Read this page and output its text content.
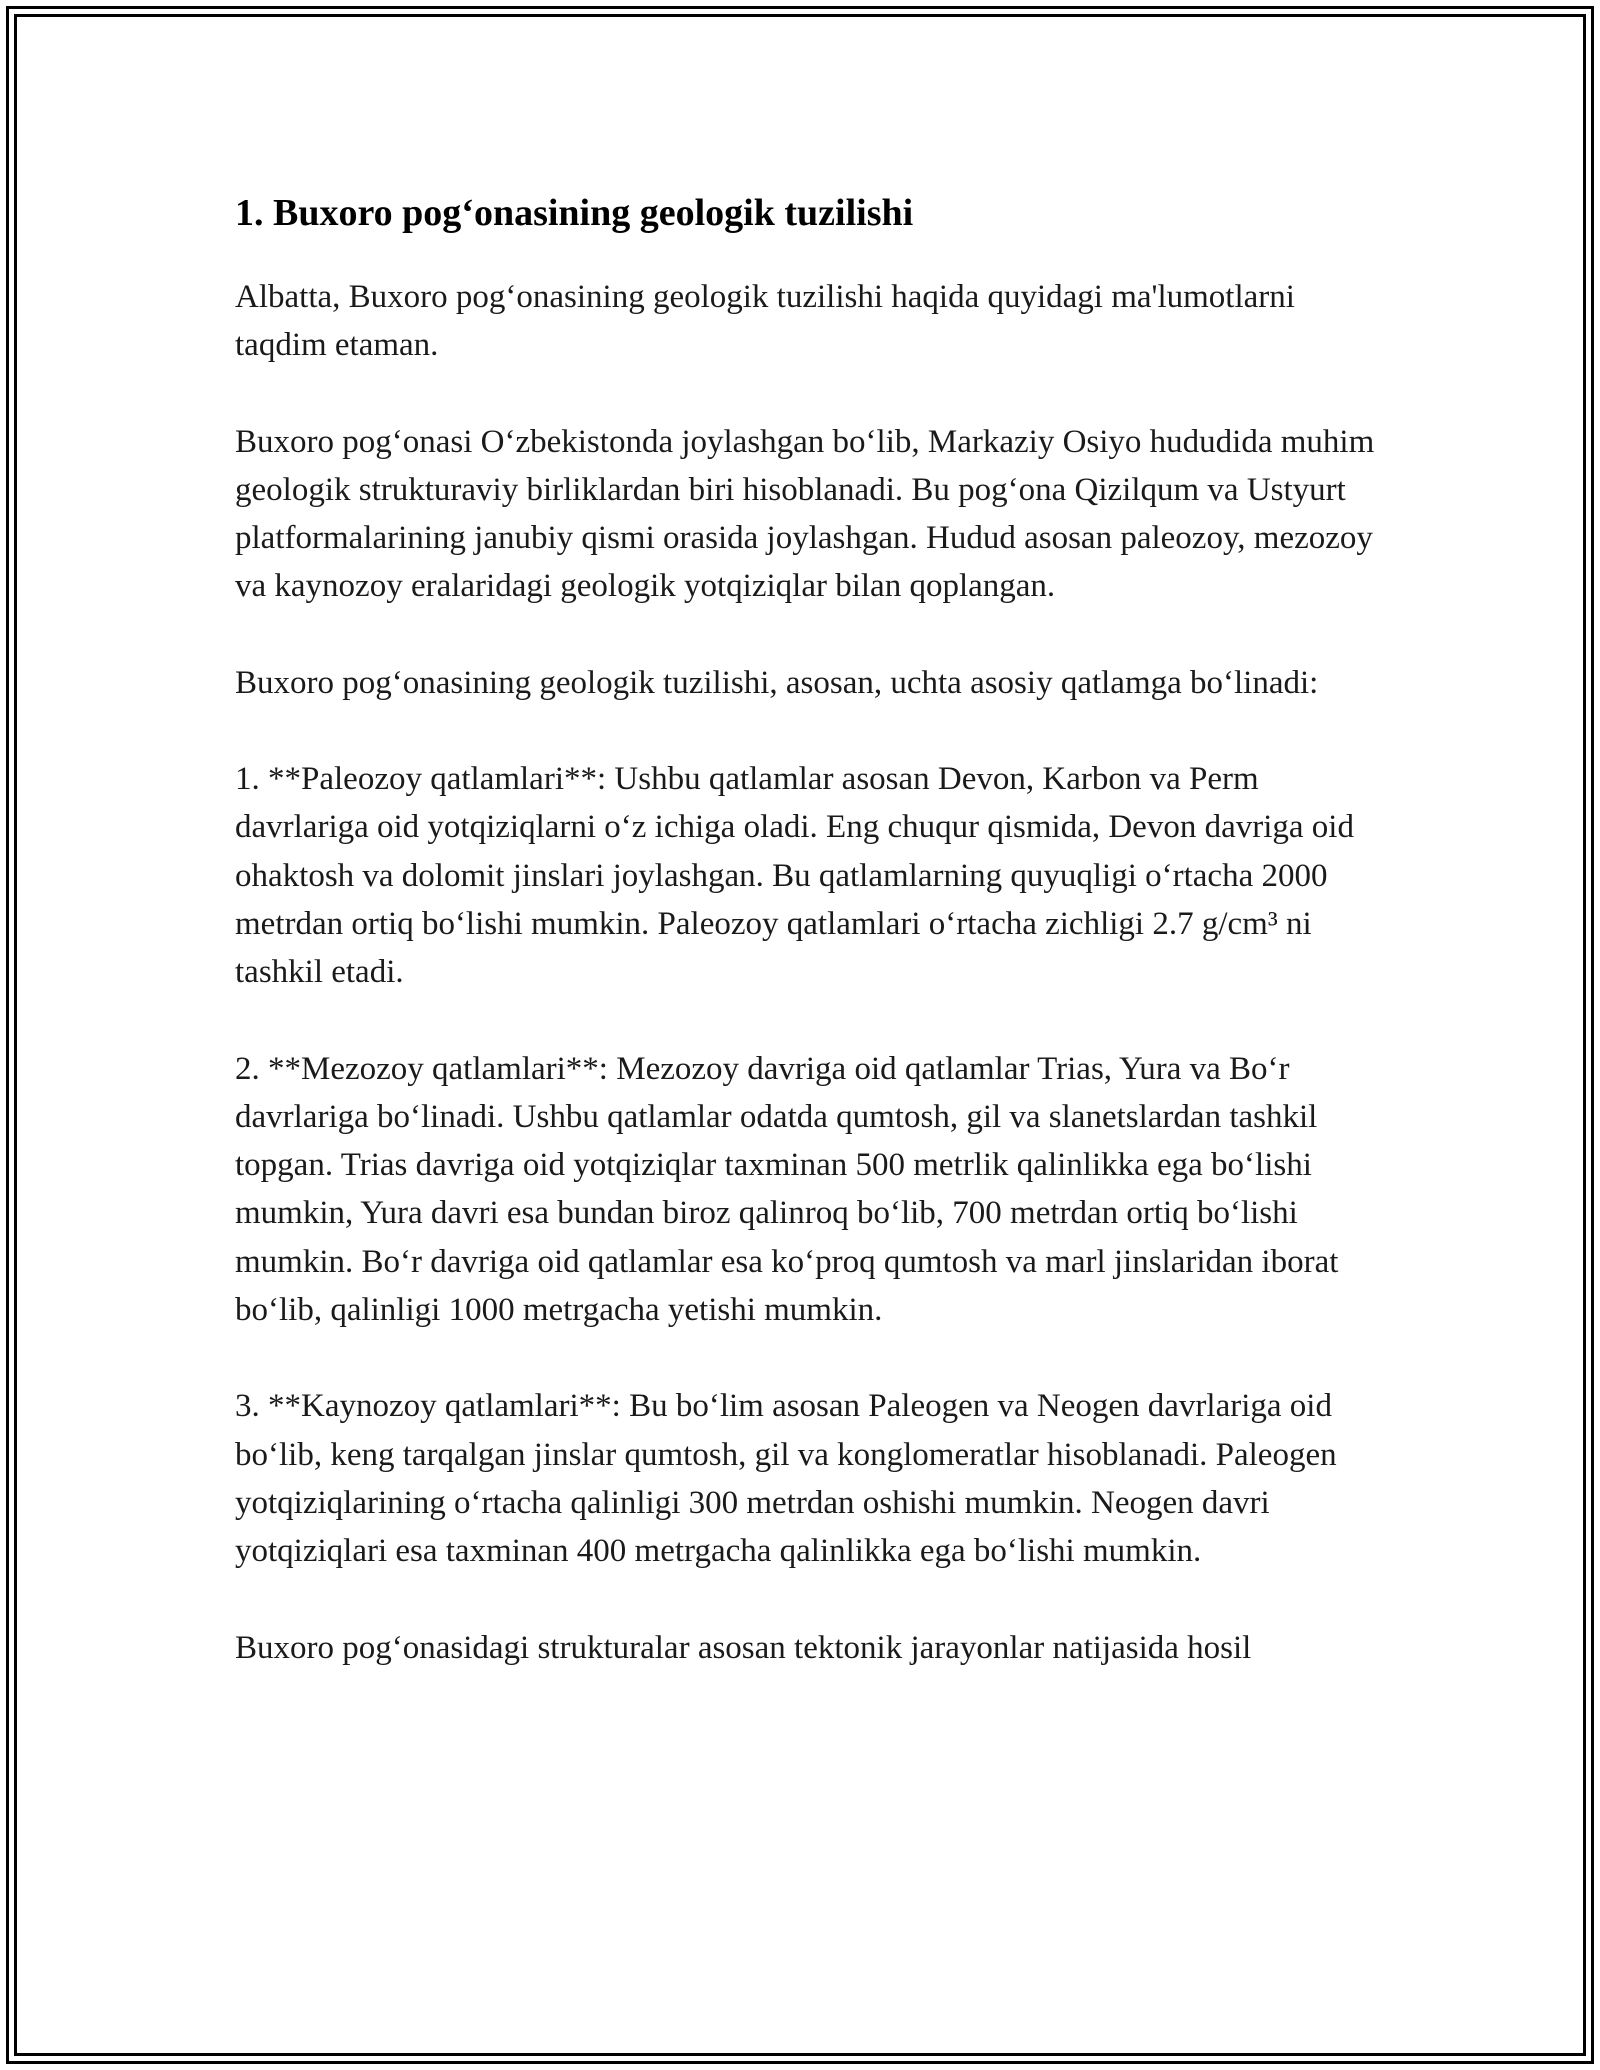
1. Buxoro pog‘onasining geologik tuzilishi

Albatta, Buxoro pog‘onasining geologik tuzilishi haqida quyidagi ma'lumotlarni taqdim etaman.

Buxoro pog‘onasi O‘zbekistonda joylashgan bo‘lib, Markaziy Osiyo hududida muhim geologik strukturaviy birliklardan biri hisoblanadi. Bu pog‘ona Qizilqum va Ustyurt platformalarining janubiy qismi orasida joylashgan. Hudud asosan paleozoy, mezozoy va kaynozoy eralaridagi geologik yotqiziqlar bilan qoplangan.

Buxoro pog‘onasining geologik tuzilishi, asosan, uchta asosiy qatlamga bo‘linadi:

1. **Paleozoy qatlamlari**: Ushbu qatlamlar asosan Devon, Karbon va Perm davrlariga oid yotqiziqlarni o‘z ichiga oladi. Eng chuqur qismida, Devon davriga oid ohaktosh va dolomit jinslari joylashgan. Bu qatlamlarning quyuqligi o‘rtacha 2000 metrdan ortiq bo‘lishi mumkin. Paleozoy qatlamlari o‘rtacha zichligi 2.7 g/cm³ ni tashkil etadi.

2. **Mezozoy qatlamlari**: Mezozoy davriga oid qatlamlar Trias, Yura va Bo‘r davrlariga bo‘linadi. Ushbu qatlamlar odatda qumtosh, gil va slanetslardan tashkil topgan. Trias davriga oid yotqiziqlar taxminan 500 metrlik qalinlikka ega bo‘lishi mumkin, Yura davri esa bundan biroz qalinroq bo‘lib, 700 metrdan ortiq bo‘lishi mumkin. Bo‘r davriga oid qatlamlar esa ko‘proq qumtosh va marl jinslaridan iborat bo‘lib, qalinligi 1000 metrgacha yetishi mumkin.

3. **Kaynozoy qatlamlari**: Bu bo‘lim asosan Paleogen va Neogen davrlariga oid bo‘lib, keng tarqalgan jinslar qumtosh, gil va konglomeratlar hisoblanadi. Paleogen yotqiziqlarining o‘rtacha qalinligi 300 metrdan oshishi mumkin. Neogen davri yotqiziqlari esa taxminan 400 metrgacha qalinlikka ega bo‘lishi mumkin.

Buxoro pog‘onasidagi strukturalar asosan tektonik jarayonlar natijasida hosil
